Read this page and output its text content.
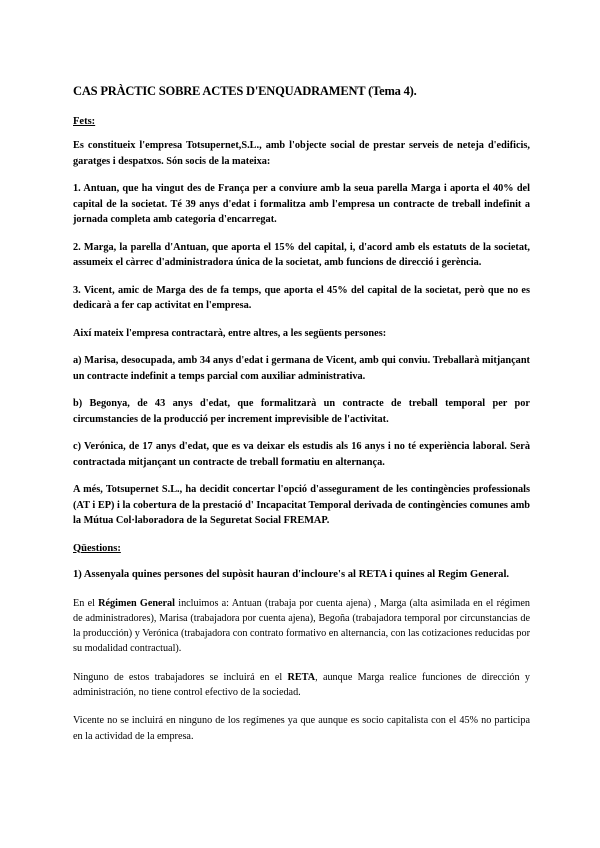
CAS PRÀCTIC SOBRE ACTES D'ENQUADRAMENT (Tema 4).

Fets:

Es constitueix l'empresa Totsupernet,S.L., amb l'objecte social de prestar serveis de neteja d'edificis, garatges i despatxos. Són socis de la mateixa:

1. Antuan, que ha vingut des de França per a conviure amb la seua parella Marga i aporta el 40% del capital de la societat. Té 39 anys d'edat i formalitza amb l'empresa un contracte de treball indefinit a jornada completa amb categoria d'encarregat.

2. Marga, la parella d'Antuan, que aporta el 15% del capital, i, d'acord amb els estatuts de la societat, assumeix el càrrec d'administradora única de la societat, amb funcions de direcció i gerència.

3. Vicent, amic de Marga des de fa temps, que aporta el 45% del capital de la societat, però que no es dedicarà a fer cap activitat en l'empresa.

Així mateix l'empresa contractarà, entre altres, a les següents persones:

a) Marisa, desocupada, amb 34 anys d'edat i germana de Vicent, amb qui conviu. Treballarà mitjançant un contracte indefinit a temps parcial com auxiliar administrativa.

b) Begonya, de 43 anys d'edat, que formalitzarà un contracte de treball temporal per por circumstancies de la producció per increment imprevisible de l'activitat.

c) Verónica, de 17 anys d'edat, que es va deixar els estudis als 16 anys i no té experiència laboral. Serà contractada mitjançant un contracte de treball formatiu en alternança.

A més, Totsupernet S.L., ha decidit concertar l'opció d'assegurament de les contingències professionals (AT i EP) i la cobertura de la prestació d' Incapacitat Temporal derivada de contingències comunes amb la Mútua Col·laboradora de la Seguretat Social FREMAP.

Qüestions:

1) Assenyala quines persones del supòsit hauran d'incloure's al RETA i quines al Regim General.

En el Régimen General incluimos a: Antuan (trabaja por cuenta ajena) , Marga (alta asimilada en el régimen de administradores), Marisa (trabajadora por cuenta ajena), Begoña (trabajadora temporal por circunstancias de la producción) y Verónica (trabajadora con contrato formativo en alternancia, con las cotizaciones reducidas por su modalidad contractual).

Ninguno de estos trabajadores se incluirá en el RETA, aunque Marga realice funciones de dirección y administración, no tiene control efectivo de la sociedad.

Vicente no se incluirá en ninguno de los regímenes ya que aunque es socio capitalista con el 45% no participa en la actividad de la empresa.
